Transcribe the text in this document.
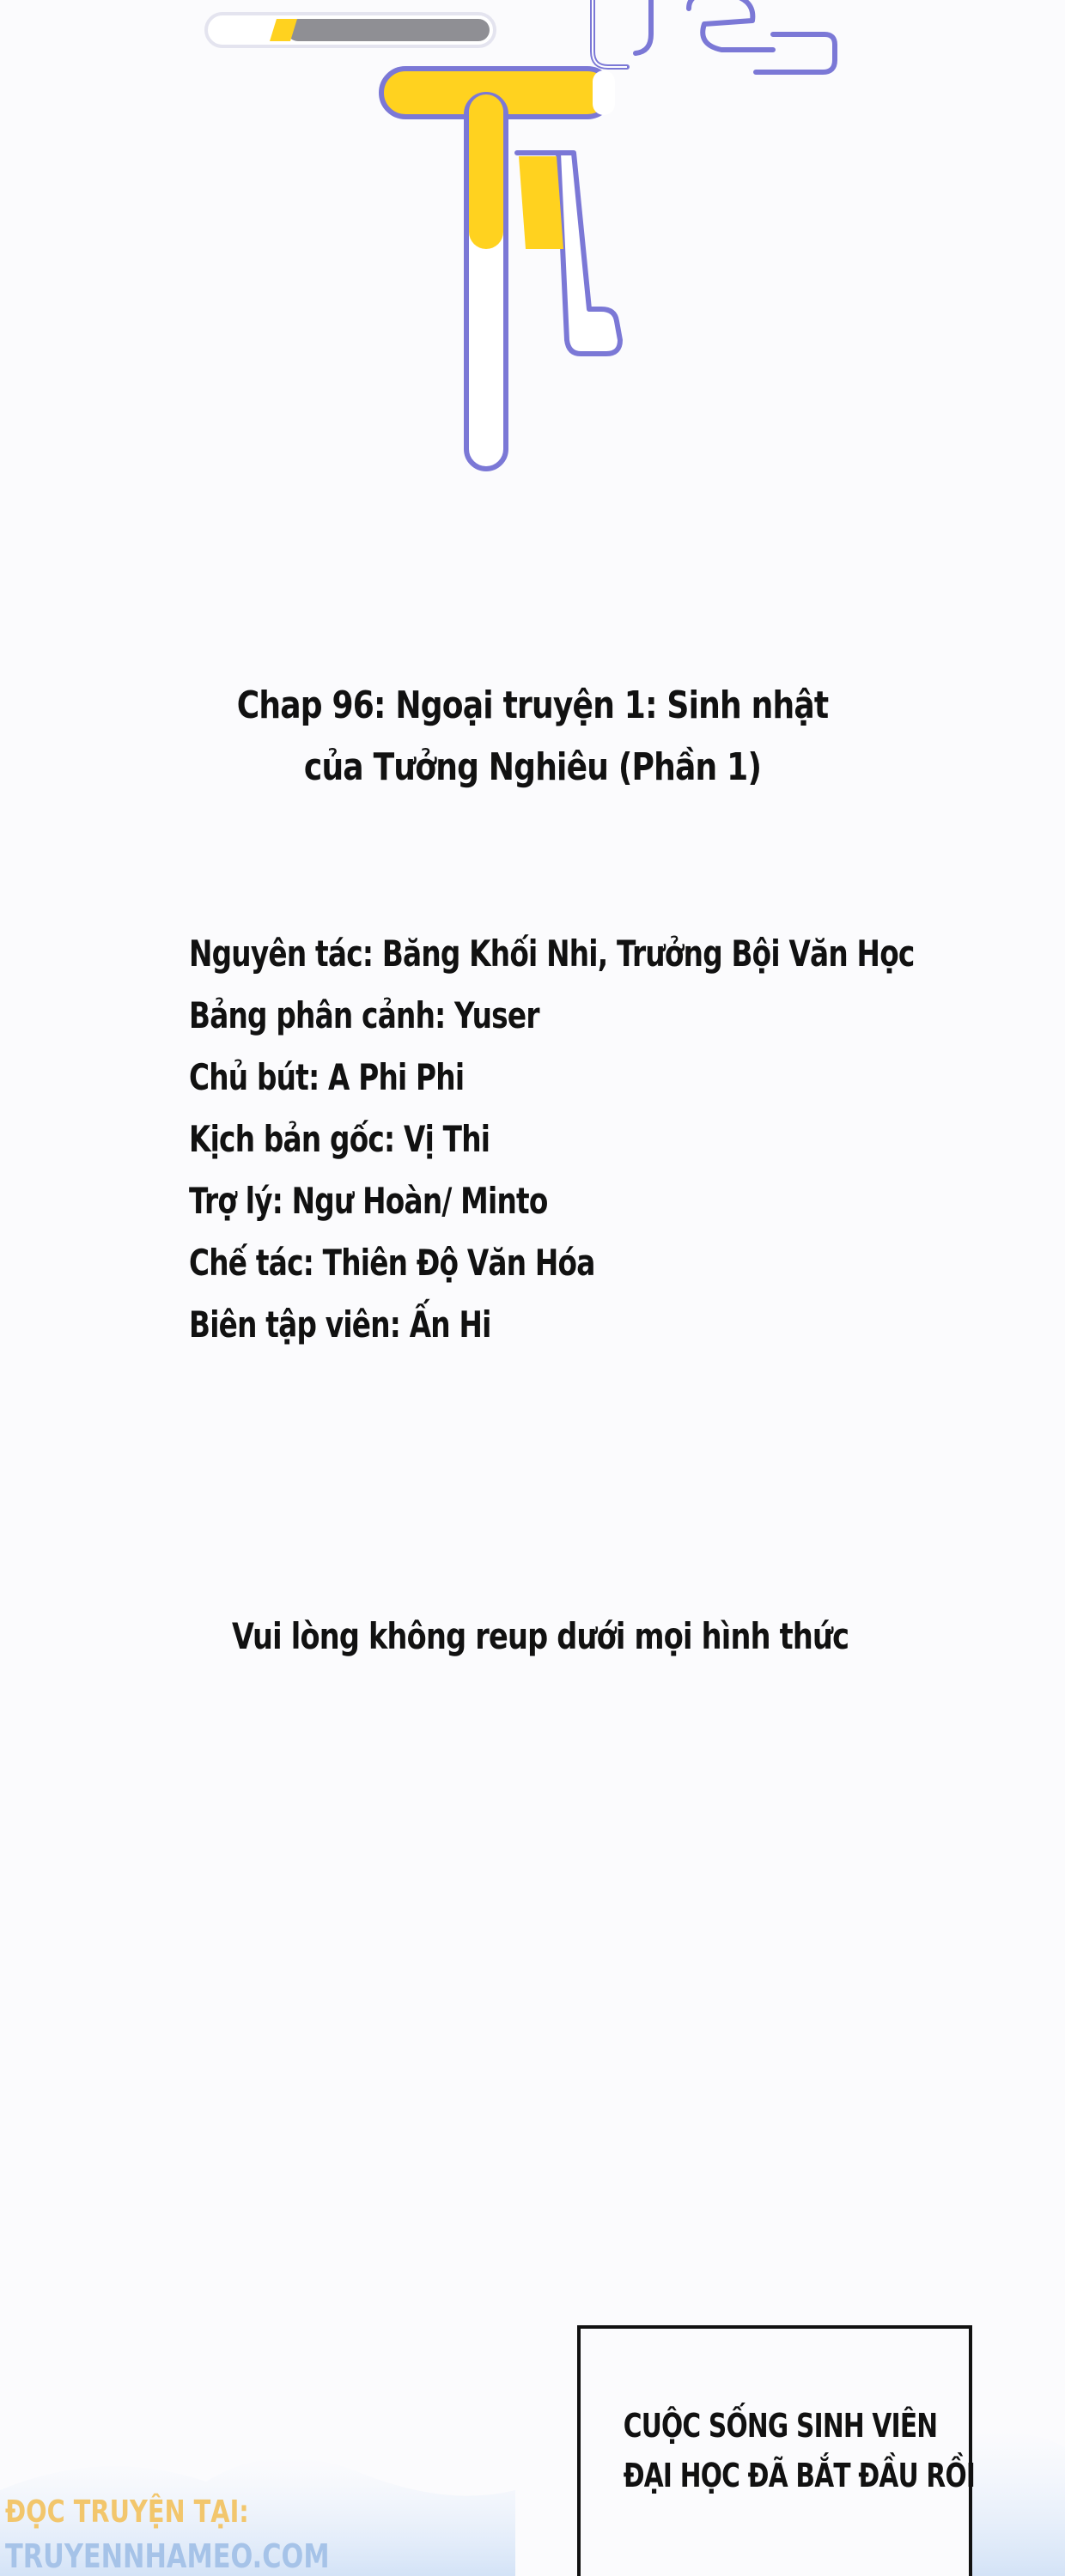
Chap 96: Ngoại truyện 1: Sinh nhật
của Tưởng Nghiêu (Phần 1)
Nguyên tác: Băng Khối Nhi, Trưởng Bội Văn Học
Bảng phân cảnh: Yuser
Chủ bút: A Phi Phi
Kịch bản gốc: Vị Thi
Trợ lý: Ngư Hoàn/ Minto
Chế tác: Thiên Độ Văn Hóa
Biên tập viên: Ấn Hi
Vui lòng không reup dưới mọi hình thức
ĐỌC TRUYỆN TẠI:
TRUYENNHAMEO.COM
CUỘC SỐNG SINH VIÊN
ĐẠI HỌC ĐÃ BẮT ĐẦU RỒI
